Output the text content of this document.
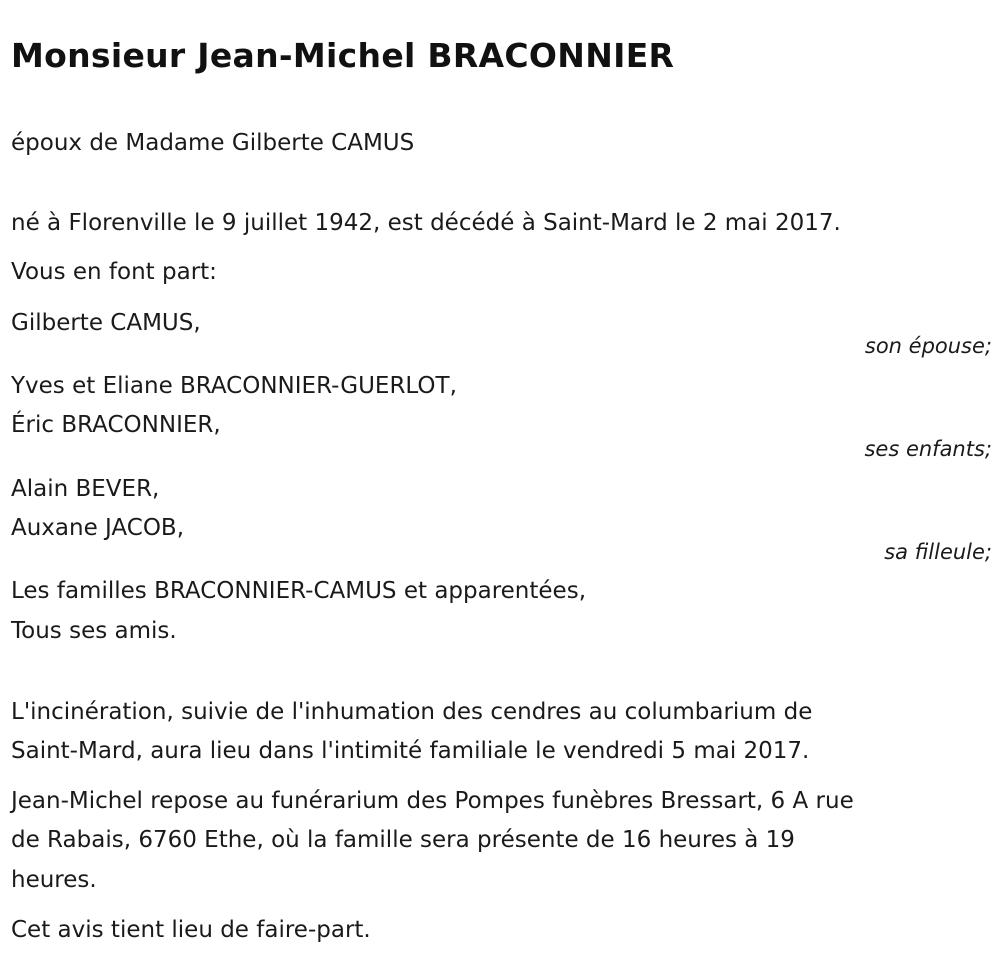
Monsieur Jean-Michel BRACONNIER
époux de Madame Gilberte CAMUS
né à Florenville le 9 juillet 1942, est décédé à Saint-Mard le 2 mai 2017.
Vous en font part:
Gilberte CAMUS,
son épouse;
Yves et Eliane BRACONNIER-GUERLOT,
Éric BRACONNIER,
ses enfants;
Alain BEVER,
Auxane JACOB,
sa filleule;
Les familles BRACONNIER-CAMUS et apparentées,
Tous ses amis.
L'incinération, suivie de l'inhumation des cendres au columbarium de
Saint-Mard, aura lieu dans l'intimité familiale le vendredi 5 mai 2017.
Jean-Michel repose au funérarium des Pompes funèbres Bressart, 6 A rue
de Rabais, 6760 Ethe, où la famille sera présente de 16 heures à 19
heures.
Cet avis tient lieu de faire-part.
